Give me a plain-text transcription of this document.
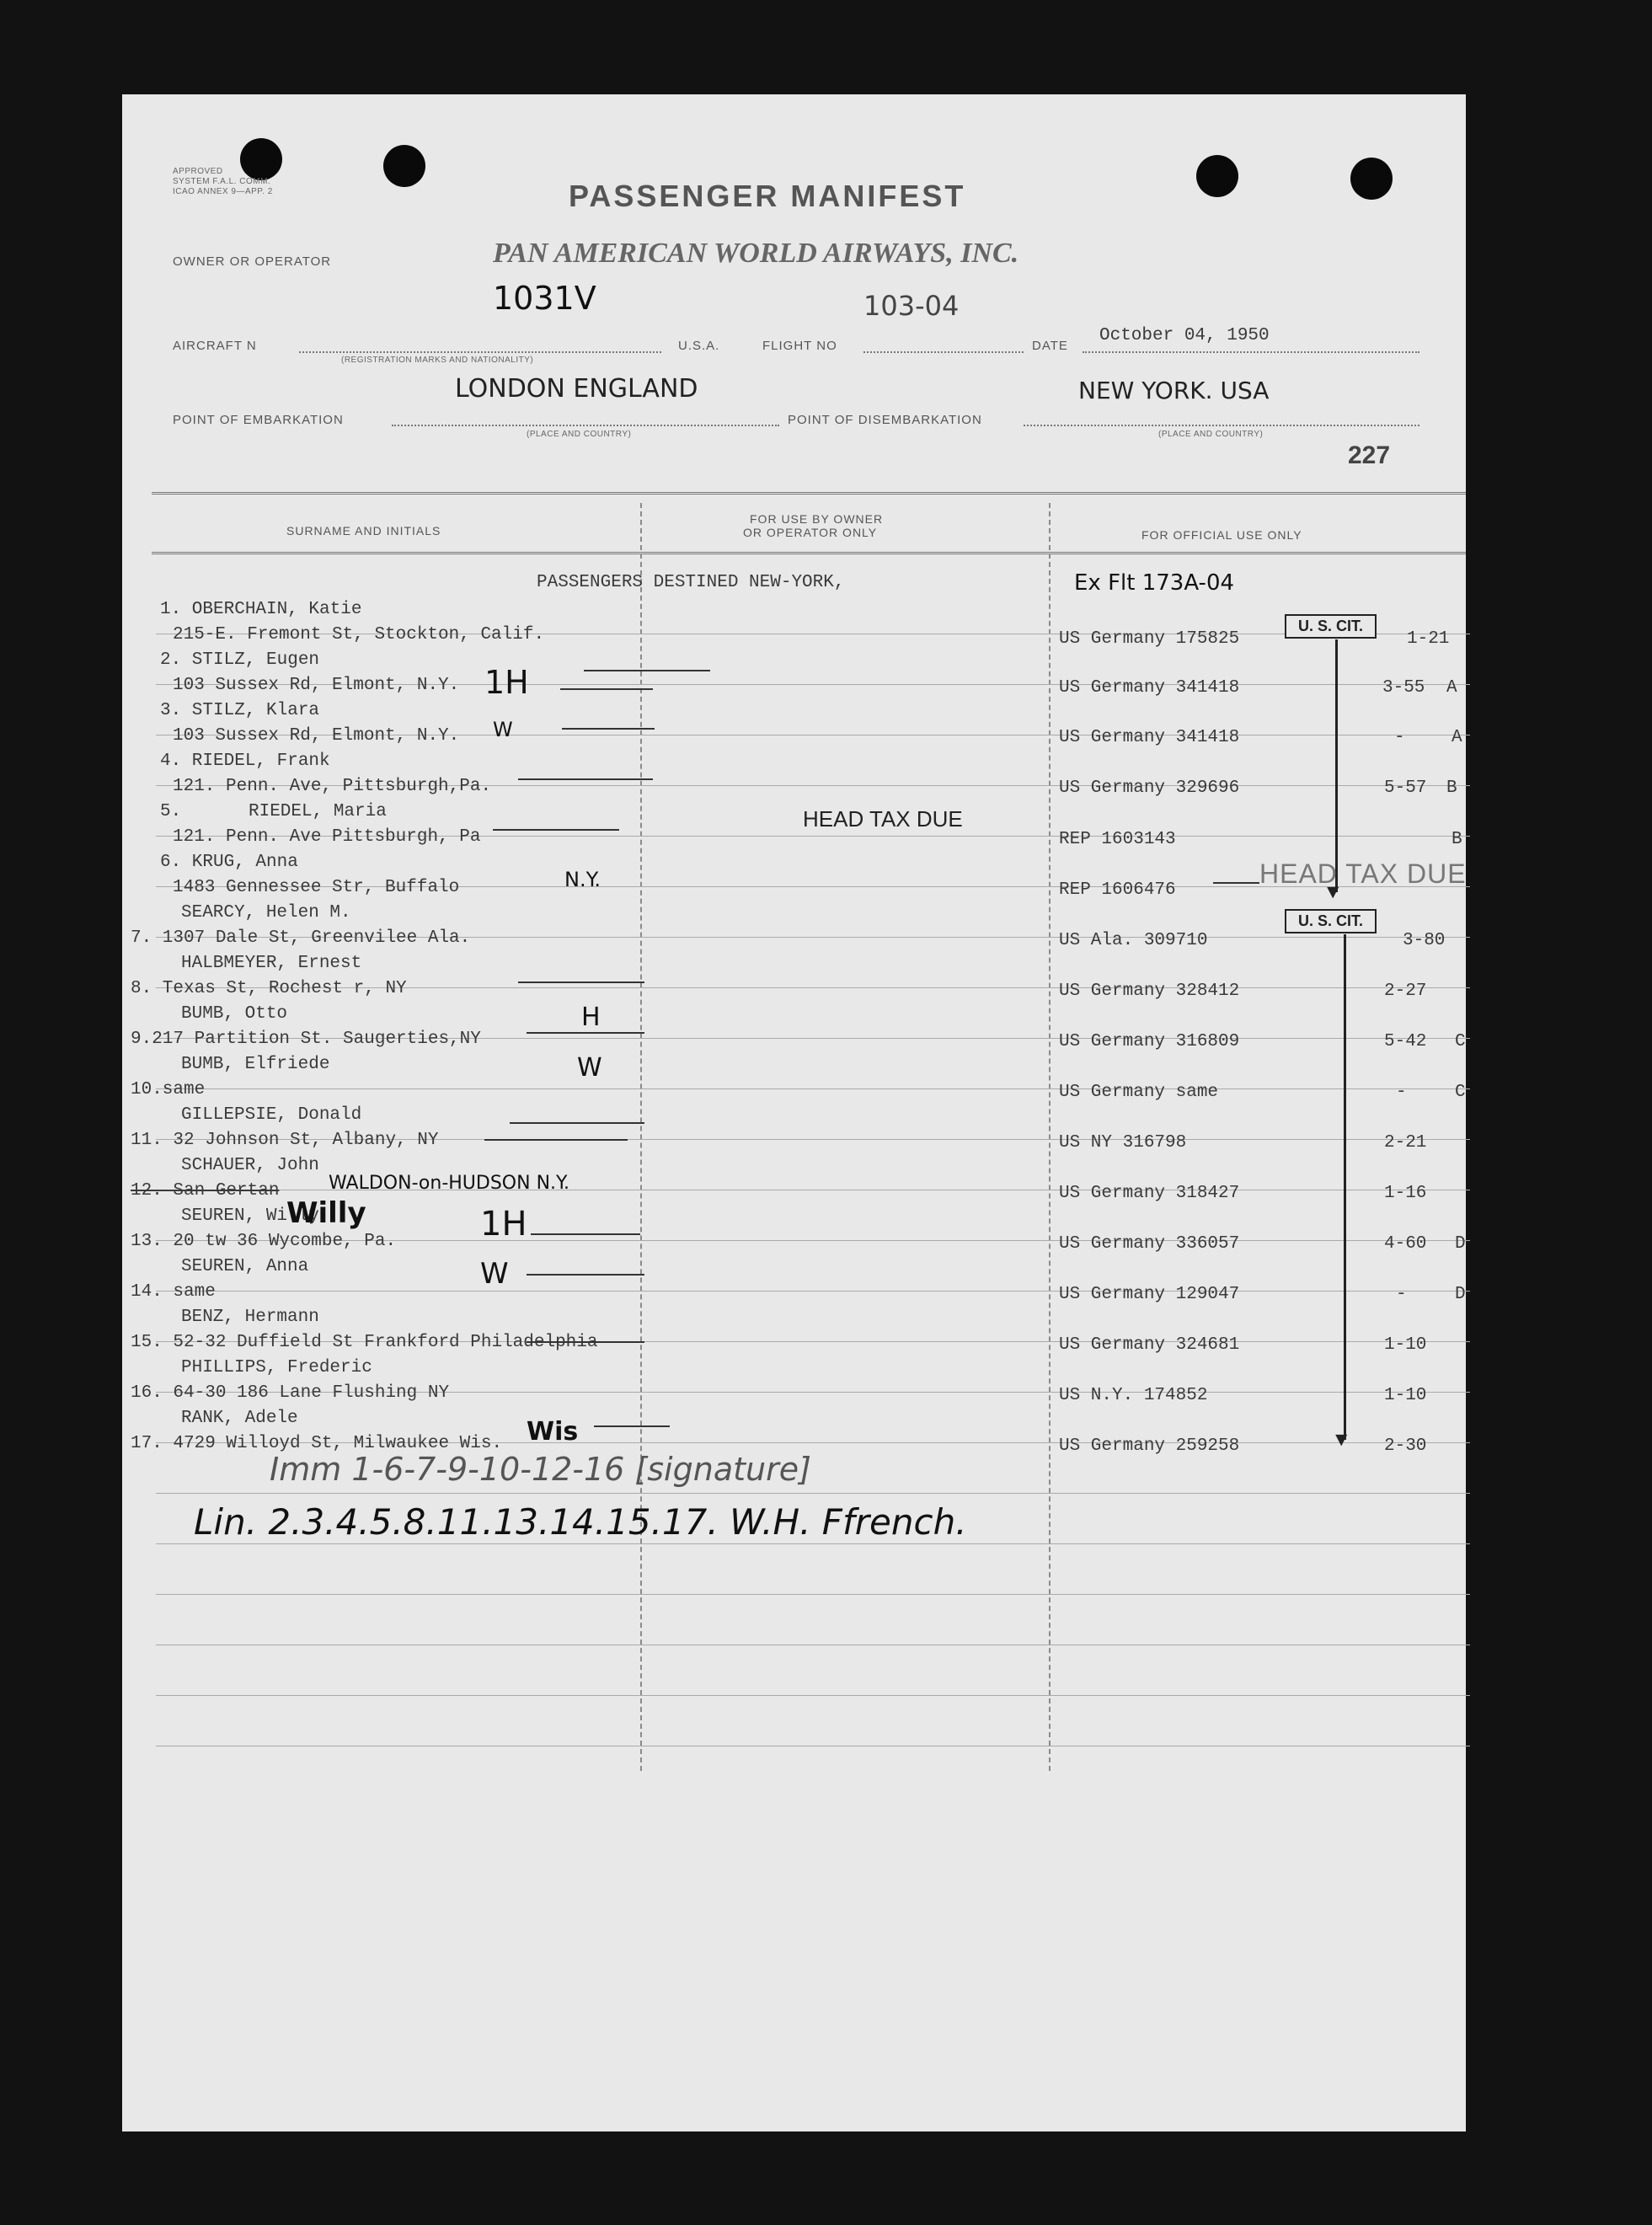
APPROVED
SYSTEM F.A.L. COMM.
ICAO ANNEX 9—APP. 2	PASSENGER MANIFEST
OWNER OR OPERATOR	PAN AMERICAN WORLD AIRWAYS, INC.
1031V	103-04
AIRCRAFT N
(REGISTRATION MARKS AND NATIONALITY)
U.S.A.	FLIGHT NO	DATE
October 04, 1950
LONDON ENGLAND	NEW YORK. USA
POINT OF EMBARKATION
(PLACE AND COUNTRY)
POINT OF DISEMBARKATION
(PLACE AND COUNTRY)
227
SURNAME AND INITIALS
FOR USE BY OWNER
OR OPERATOR ONLY	FOR OFFICIAL USE ONLY
PASSENGERS DESTINED NEW-YORK,	Ex Flt 173A-04
1. OBERCHAIN, Katie
215-E. Fremont St, Stockton, Calif.	US Germany 175825	1-21
2. STILZ, Eugen
103 Sussex Rd, Elmont, N.Y.	US Germany 341418	3-55 A
3. STILZ, Klara
103 Sussex Rd, Elmont, N.Y.	US Germany 341418	-	A
4. RIEDEL, Frank
121. Penn. Ave, Pittsburgh,Pa.	US Germany 329696	5-57 B
5.	RIEDEL, Maria
121. Penn. Ave Pittsburgh, Pa	REP 1603143	B
6. KRUG, Anna
1483 Gennessee Str, Buffalo	REP 1606476
SEARCY, Helen M.
7. 1307 Dale St, Greenvilee Ala.	US Ala. 309710	3-80
HALBMEYER, Ernest
8. Texas St, Rochest r, NY	US Germany 328412	2-27
BUMB, Otto
9.217 Partition St. Saugerties,NY	US Germany 316809	5-42 C
BUMB, Elfriede
10.same	US Germany same	-	C
GILLEPSIE, Donald
11. 32 Johnson St, Albany, NY	US NY 316798	2-21
SCHAUER, John
12. San Gertan	US Germany 318427	1-16
SEUREN, Willy
13. 20 tw 36 Wycombe, Pa.	US Germany 336057	4-60 D
SEUREN, Anna
14. same	US Germany 129047	-	D
BENZ, Hermann
15. 52-32 Duffield St Frankford Philadelphia	US Germany 324681	1-10
PHILLIPS, Frederic
16. 64-30 186 Lane Flushing NY	US N.Y. 174852	1-10
RANK, Adele
17. 4729 Willoyd St, Milwaukee Wis.	US Germany 259258	2-30
U. S. CIT.
▼
U. S. CIT.
▼
HEAD TAX DUE
HEAD TAX DUE
1H
W
N.Y.
H
W
WALDON-on-HUDSON N.Y.
Willy	1H
W
Wis
Imm 1-6-7-9-10-12-16 [signature]
Lin. 2.3.4.5.8.11.13.14.15.17. W.H. Ffrench.
